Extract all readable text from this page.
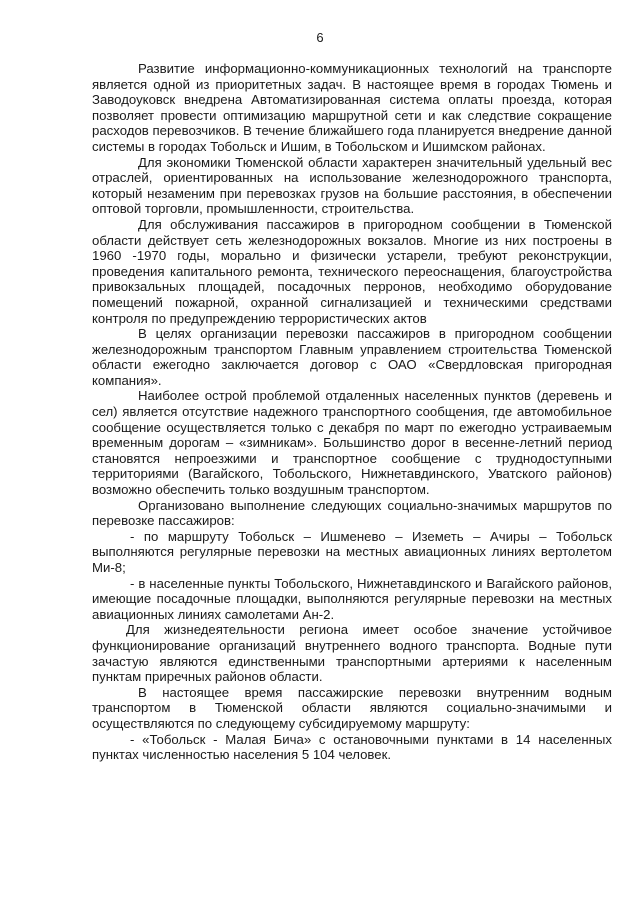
6

Развитие информационно-коммуникационных технологий на транспорте является одной из приоритетных задач. В настоящее время в городах Тюмень и Заводоуковск внедрена Автоматизированная система оплаты проезда, которая позволяет провести оптимизацию маршрутной сети и как следствие сокращение расходов перевозчиков. В течение ближайшего года планируется внедрение данной системы в городах Тобольск и Ишим, в Тобольском и Ишимском районах.

Для экономики Тюменской области характерен значительный удельный вес отраслей, ориентированных на использование железнодорожного транспорта, который незаменим при перевозках грузов на большие расстояния, в обеспечении оптовой торговли, промышленности, строительства.

Для обслуживания пассажиров в пригородном сообщении в Тюменской области действует сеть железнодорожных вокзалов. Многие из них построены в 1960 -1970 годы, морально и физически устарели, требуют реконструкции, проведения капитального ремонта, технического переоснащения, благоустройства привокзальных площадей, посадочных перронов, необходимо оборудование помещений пожарной, охранной сигнализацией и техническими средствами контроля по предупреждению террористических актов

В целях организации перевозки пассажиров в пригородном сообщении железнодорожным транспортом Главным управлением строительства Тюменской области ежегодно заключается договор с ОАО «Свердловская пригородная компания».

Наиболее острой проблемой отдаленных населенных пунктов (деревень и сел) является отсутствие надежного транспортного сообщения, где автомобильное сообщение осуществляется только с декабря по март по ежегодно устраиваемым временным дорогам – «зимникам». Большинство дорог в весенне-летний период становятся непроезжими и транспортное сообщение с труднодоступными территориями (Вагайского, Тобольского, Нижнетавдинского, Уватского районов) возможно обеспечить только воздушным транспортом.

Организовано выполнение следующих социально-значимых маршрутов по перевозке пассажиров:

- по маршруту Тобольск – Ишменево – Иземеть – Ачиры – Тобольск выполняются регулярные перевозки на местных авиационных линиях вертолетом Ми-8;

- в населенные пункты Тобольского, Нижнетавдинского и Вагайского районов, имеющие посадочные площадки, выполняются регулярные перевозки на местных авиационных линиях самолетами Ан-2.

Для жизнедеятельности региона имеет особое значение устойчивое функционирование организаций внутреннего водного транспорта. Водные пути зачастую являются единственными транспортными артериями к населенным пунктам приречных районов области.

В настоящее время пассажирские перевозки внутренним водным транспортом в Тюменской области являются социально-значимыми и осуществляются по следующему субсидируемому маршруту:

- «Тобольск - Малая Бича» с остановочными пунктами в 14 населенных пунктах численностью населения 5 104 человек.
